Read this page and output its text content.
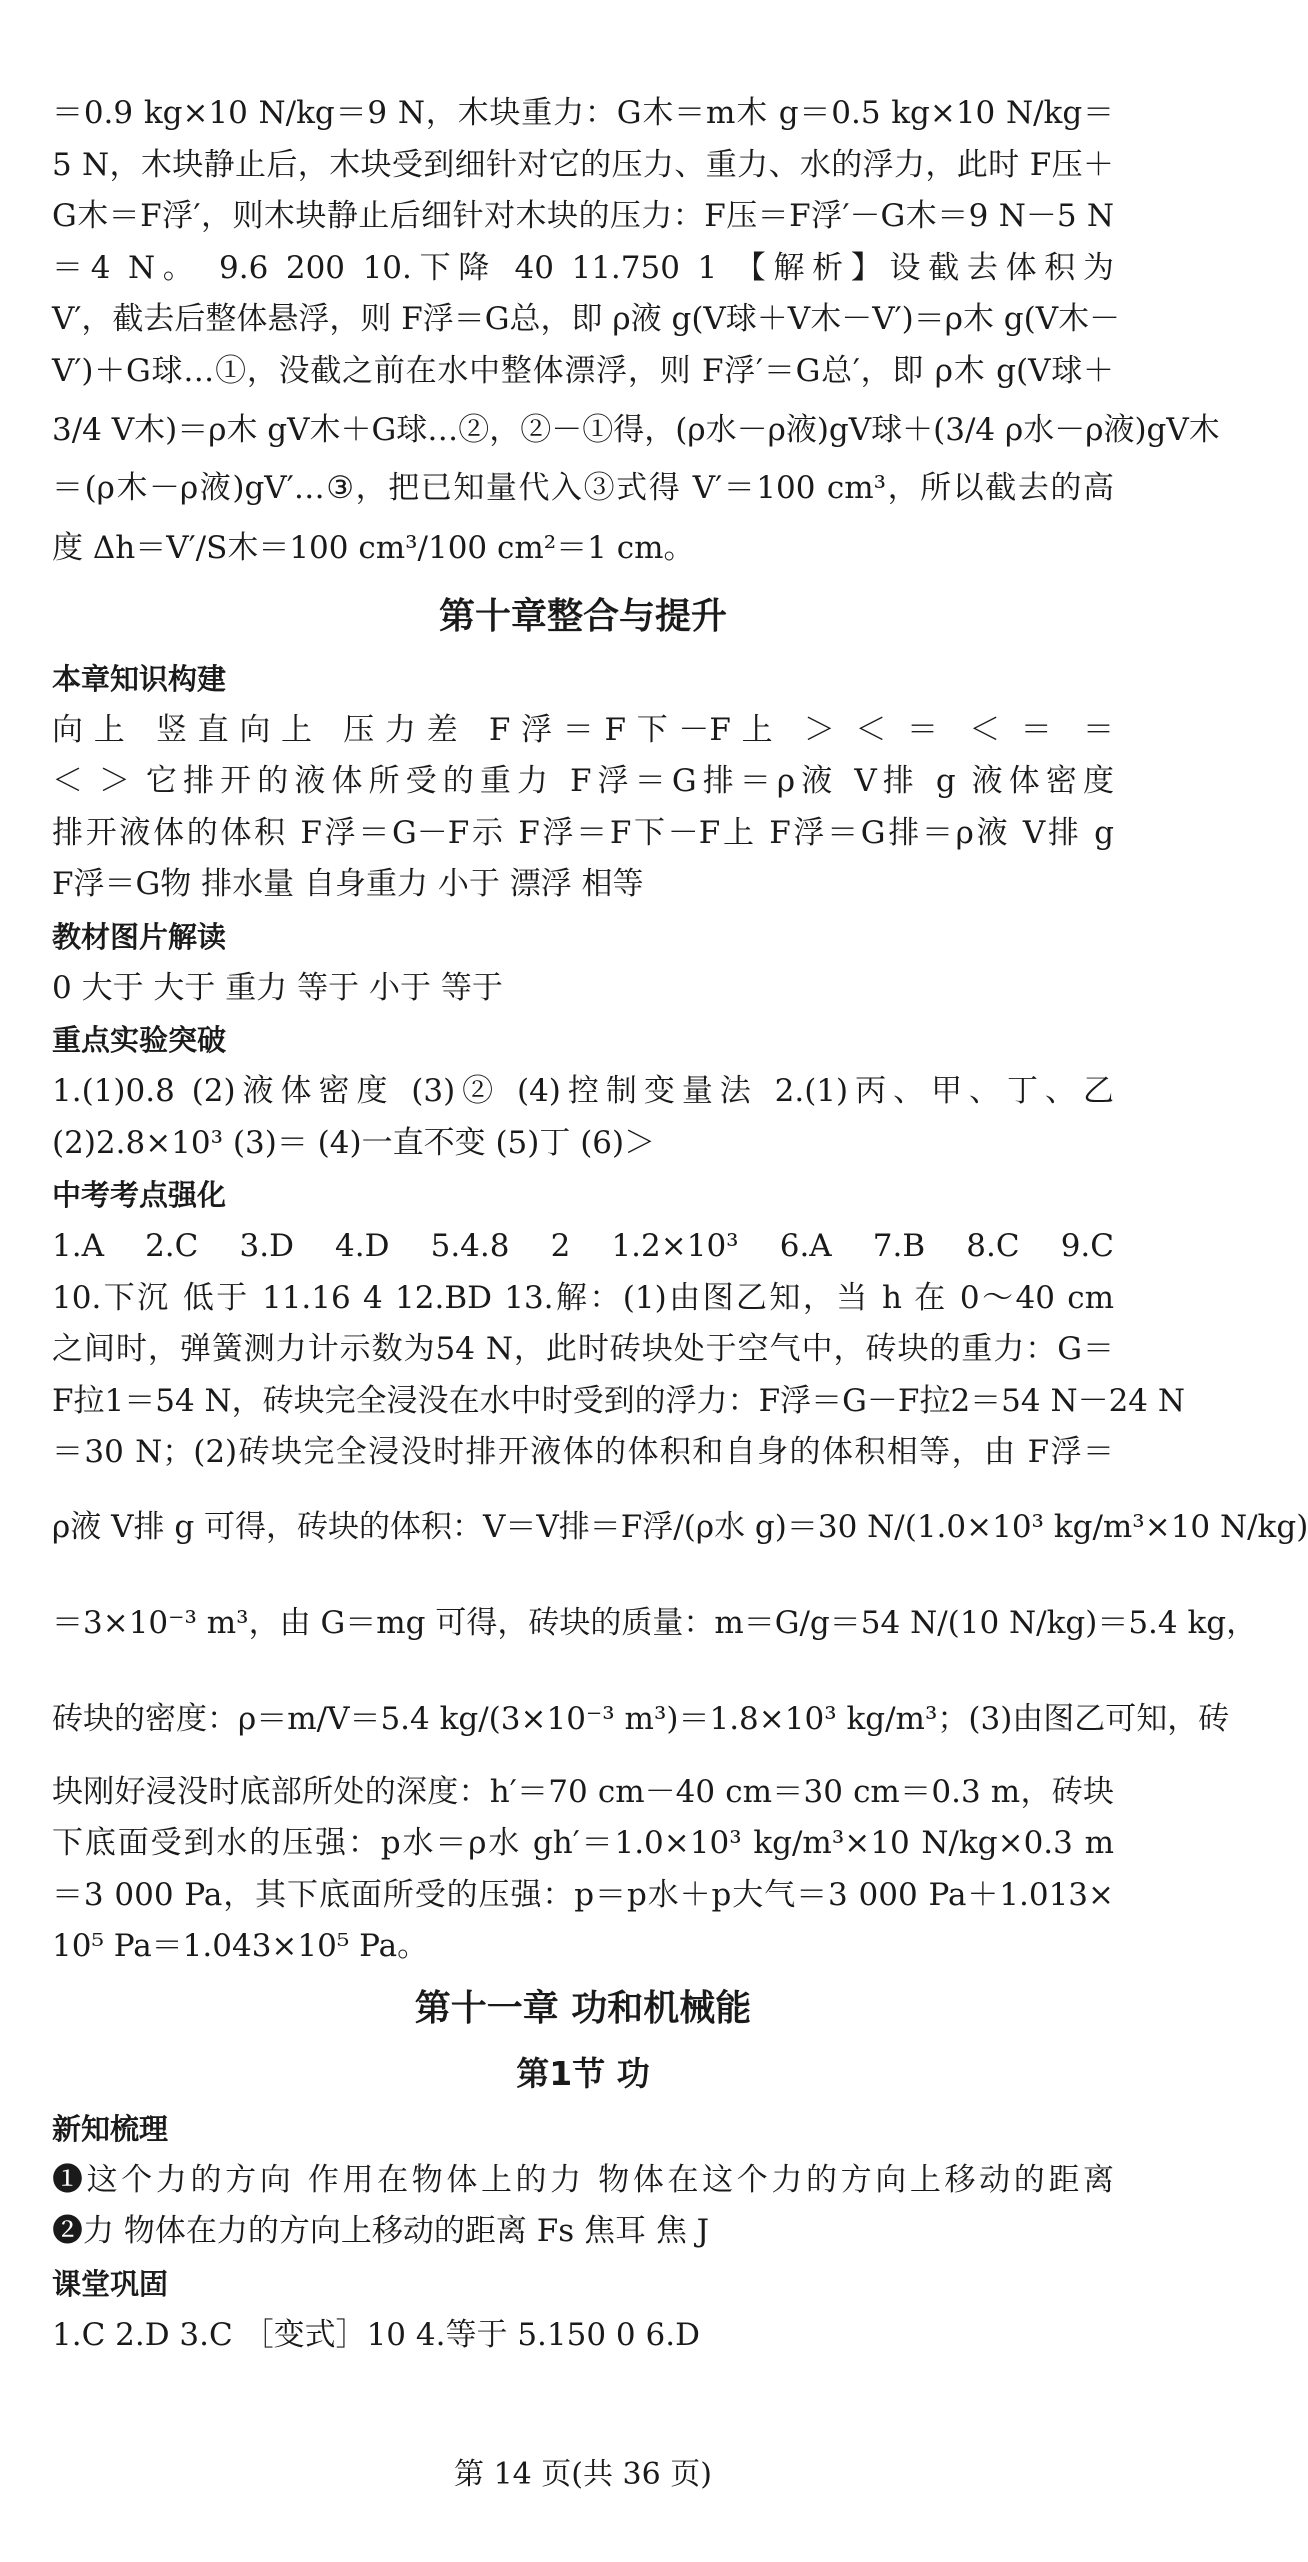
＝0.9 kg×10 N/kg＝9 N，木块重力：G木＝m木 g＝0.5 kg×10 N/kg＝
5 N，木块静止后，木块受到细针对它的压力、重力、水的浮力，此时 F压＋
G木＝F浮′，则木块静止后细针对木块的压力：F压＝F浮′－G木＝9 N－5 N
＝4 N。 9.6 200 10.下降 40 11.750 1 【解析】设截去体积为
V′，截去后整体悬浮，则 F浮＝G总，即 ρ液 g(V球＋V木－V′)＝ρ木 g(V木－
V′)＋G球…①，没截之前在水中整体漂浮，则 F浮′＝G总′，即 ρ木 g(V球＋
3/4 V木)＝ρ木 gV木＋G球…②，②－①得，(ρ水－ρ液)gV球＋(3/4 ρ水－ρ液)gV木
＝(ρ木－ρ液)gV′…③，把已知量代入③式得 V′＝100 cm³，所以截去的高
度 Δh＝V′/S木＝100 cm³/100 cm²＝1 cm。
第十章整合与提升
本章知识构建
向上 竖直向上 压力差 F浮＝F下－F上 ＞ ＜ ＝ ＜ ＝ ＝
＜ ＞ 它排开的液体所受的重力 F浮＝G排＝ρ液 V排 g 液体密度
排开液体的体积 F浮＝G－F示 F浮＝F下－F上 F浮＝G排＝ρ液 V排 g
F浮＝G物 排水量 自身重力 小于 漂浮 相等
教材图片解读
0 大于 大于 重力 等于 小于 等于
重点实验突破
1.(1)0.8 (2)液体密度 (3)② (4)控制变量法 2.(1)丙、甲、丁、乙
(2)2.8×10³ (3)＝ (4)一直不变 (5)丁 (6)＞
中考考点强化
1.A 2.C 3.D 4.D 5.4.8 2 1.2×10³ 6.A 7.B 8.C 9.C
10.下沉 低于 11.16 4 12.BD 13.解：(1)由图乙知，当 h 在 0～40 cm
之间时，弹簧测力计示数为54 N，此时砖块处于空气中，砖块的重力：G＝
F拉1＝54 N，砖块完全浸没在水中时受到的浮力：F浮＝G－F拉2＝54 N－24 N
＝30 N；(2)砖块完全浸没时排开液体的体积和自身的体积相等，由 F浮＝
ρ液 V排 g 可得，砖块的体积：V＝V排＝F浮/(ρ水 g)＝30 N/(1.0×10³ kg/m³×10 N/kg)
＝3×10⁻³ m³，由 G＝mg 可得，砖块的质量：m＝G/g＝54 N/(10 N/kg)＝5.4 kg，
砖块的密度：ρ＝m/V＝5.4 kg/(3×10⁻³ m³)＝1.8×10³ kg/m³；(3)由图乙可知，砖
块刚好浸没时底部所处的深度：h′＝70 cm－40 cm＝30 cm＝0.3 m，砖块
下底面受到水的压强：p水＝ρ水 gh′＝1.0×10³ kg/m³×10 N/kg×0.3 m
＝3 000 Pa，其下底面所受的压强：p＝p水＋p大气＝3 000 Pa＋1.013×
10⁵ Pa＝1.043×10⁵ Pa。
第十一章 功和机械能
第1节 功
新知梳理
❶这个力的方向 作用在物体上的力 物体在这个力的方向上移动的距离
❷力 物体在力的方向上移动的距离 Fs 焦耳 焦 J
课堂巩固
1.C 2.D 3.C ［变式］10 4.等于 5.150 0 6.D
第 14 页(共 36 页)
